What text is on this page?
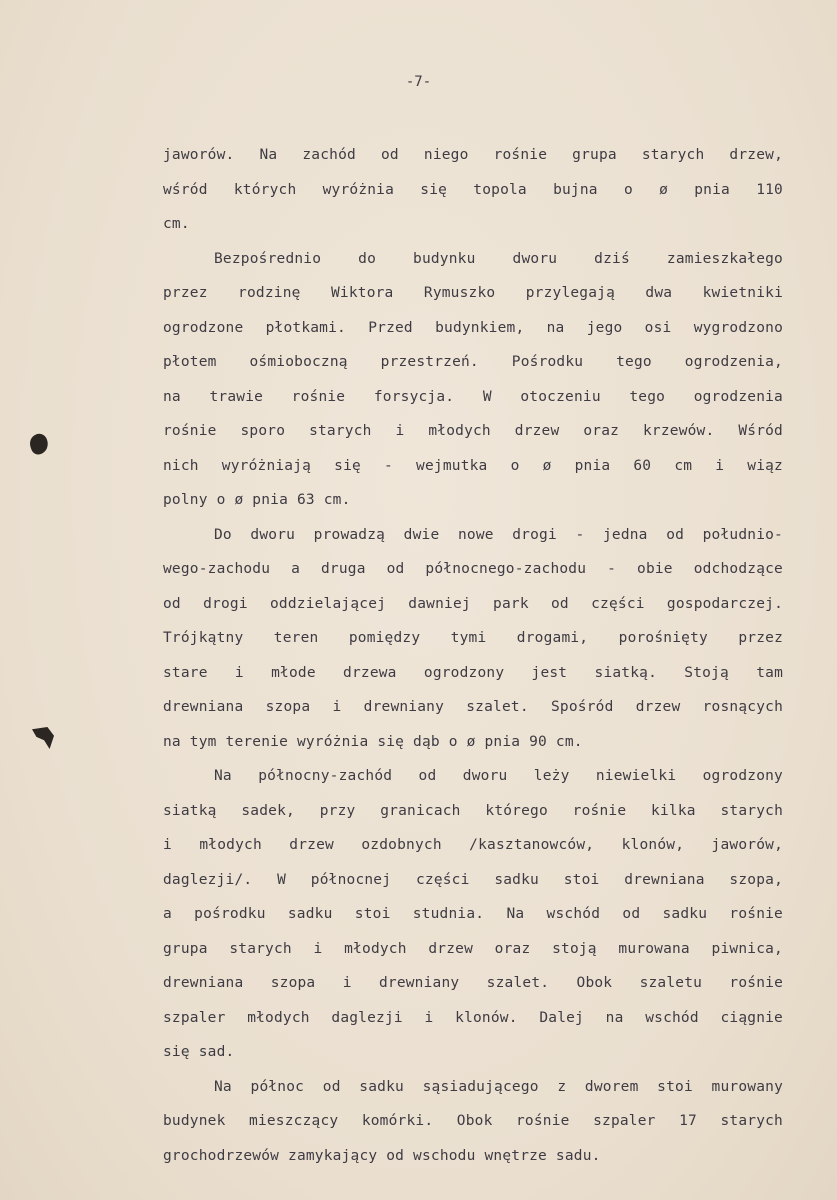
-7-
jaworów. Na zachód od niego rośnie grupa starych drzew,
wśród których wyróżnia się topola bujna o ø pnia 110
cm.
Bezpośrednio do budynku dworu dziś zamieszkałego
przez rodzinę Wiktora Rymuszko przylegają dwa kwietniki
ogrodzone płotkami. Przed budynkiem, na jego osi wygrodzono
płotem ośmioboczną przestrzeń. Pośrodku tego ogrodzenia,
na trawie rośnie forsycja. W otoczeniu tego ogrodzenia
rośnie sporo starych i młodych drzew oraz krzewów. Wśród
nich wyróżniają się - wejmutka o ø pnia 60 cm i wiąz
polny o ø pnia 63 cm.
Do dworu prowadzą dwie nowe drogi - jedna od południo-
wego-zachodu a druga od północnego-zachodu - obie odchodzące
od drogi oddzielającej dawniej park od części gospodarczej.
Trójkątny teren pomiędzy tymi drogami, porośnięty przez
stare i młode drzewa ogrodzony jest siatką. Stoją tam
drewniana szopa i drewniany szalet. Spośród drzew rosnących
na tym terenie wyróżnia się dąb o ø pnia 90 cm.
Na północny-zachód od dworu leży niewielki ogrodzony
siatką sadek, przy granicach którego rośnie kilka starych
i młodych drzew ozdobnych /kasztanowców, klonów, jaworów,
daglezji/. W północnej części sadku stoi drewniana szopa,
a pośrodku sadku stoi studnia. Na wschód od sadku rośnie
grupa starych i młodych drzew oraz stoją murowana piwnica,
drewniana szopa i drewniany szalet. Obok szaletu rośnie
szpaler młodych daglezji i klonów. Dalej na wschód ciągnie
się sad.
Na północ od sadku sąsiadującego z dworem stoi murowany
budynek mieszczący komórki. Obok rośnie szpaler 17 starych
grochodrzewów zamykający od wschodu wnętrze sadu.
